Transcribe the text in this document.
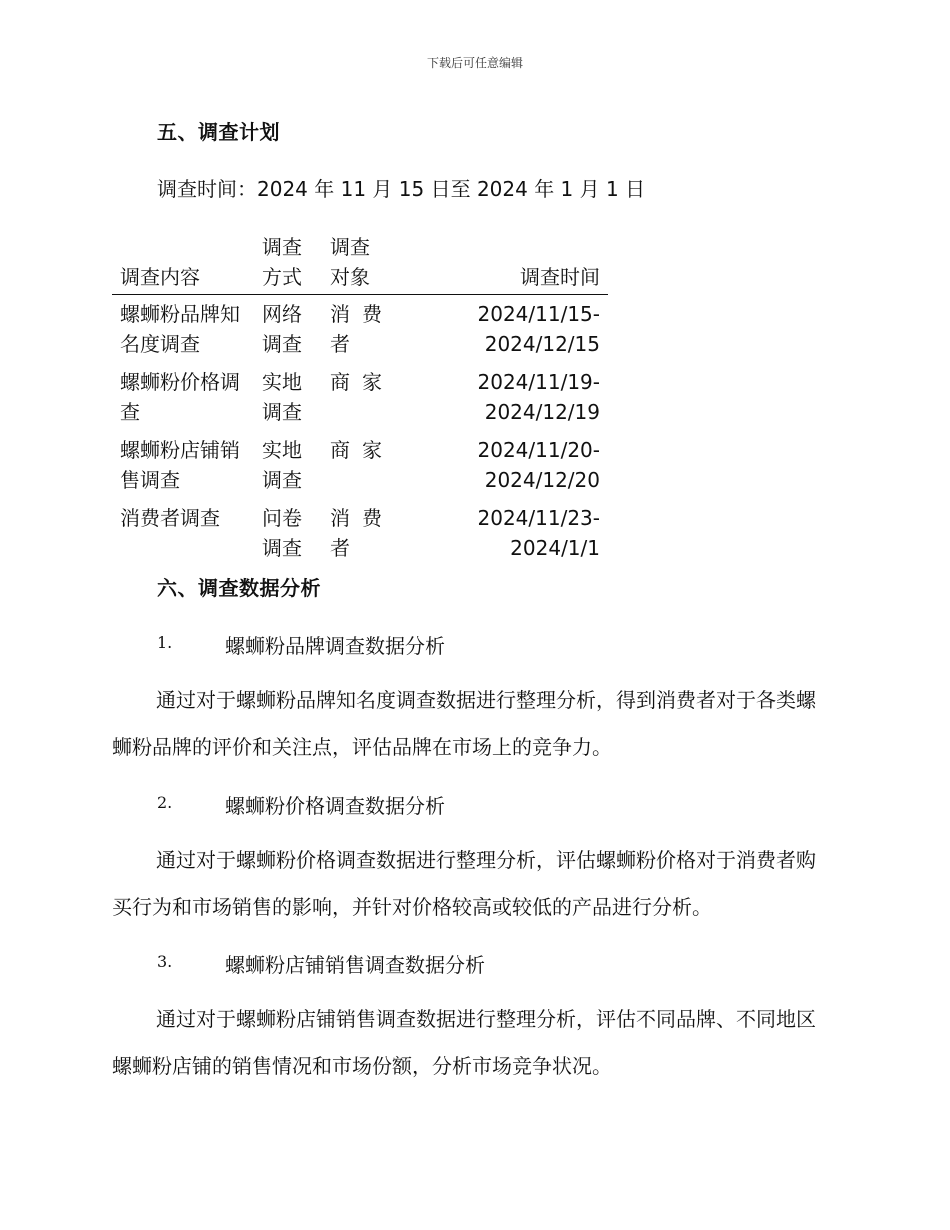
下载后可任意编辑
五、调查计划
调查时间：2024 年 11 月 15 日至 2024 年 1 月 1 日
调查内容	调查方式	调查对象	调查时间
螺蛳粉品牌知名度调查	网络调查	消费者	2024/11/15-2024/12/15
螺蛳粉价格调查	实地调查	商家	2024/11/19-2024/12/19
螺蛳粉店铺销售调查	实地调查	商家	2024/11/20-2024/12/20
消费者调查	问卷调查	消费者	2024/11/23-2024/1/1
六、调查数据分析
1.	螺蛳粉品牌调查数据分析
通过对于螺蛳粉品牌知名度调查数据进行整理分析，得到消费者对于各类螺蛳粉品牌的评价和关注点，评估品牌在市场上的竞争力。
2.	螺蛳粉价格调查数据分析
通过对于螺蛳粉价格调查数据进行整理分析，评估螺蛳粉价格对于消费者购买行为和市场销售的影响，并针对价格较高或较低的产品进行分析。
3.	螺蛳粉店铺销售调查数据分析
通过对于螺蛳粉店铺销售调查数据进行整理分析，评估不同品牌、不同地区螺蛳粉店铺的销售情况和市场份额，分析市场竞争状况。
